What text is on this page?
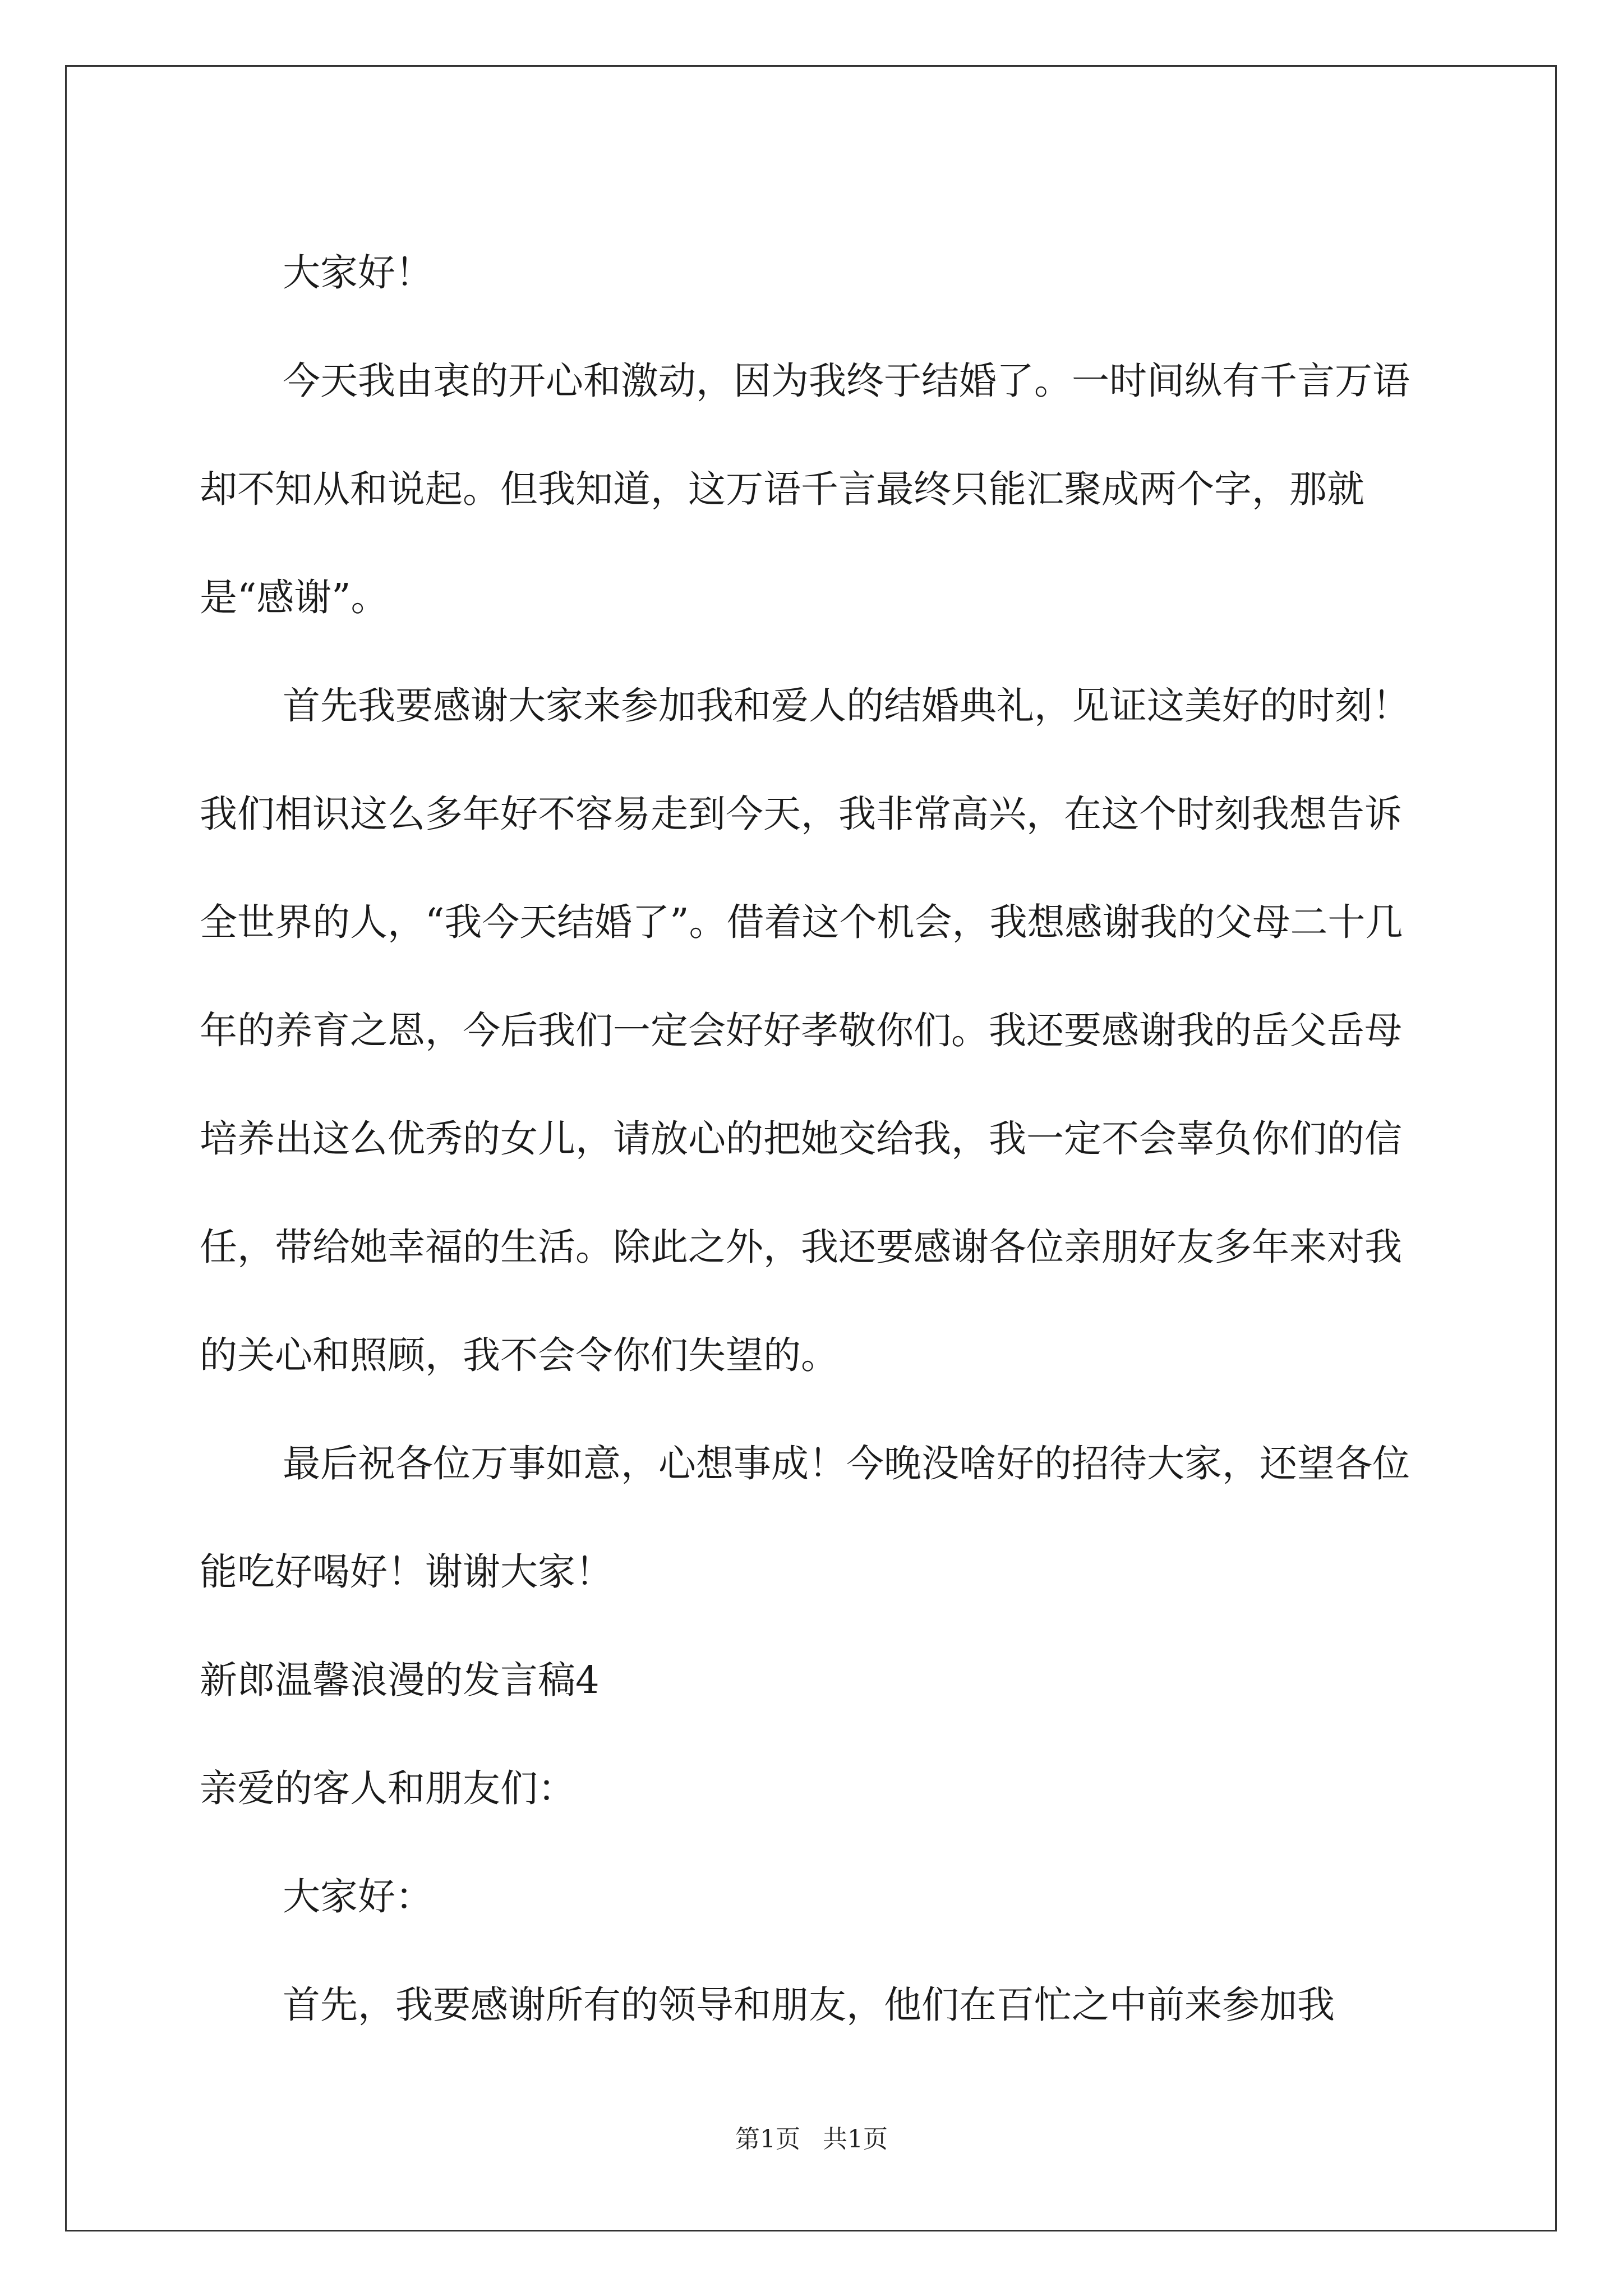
大家好！

今天我由衷的开心和激动，因为我终于结婚了。一时间纵有千言万语却不知从和说起。但我知道，这万语千言最终只能汇聚成两个字，那就是“感谢”。

首先我要感谢大家来参加我和爱人的结婚典礼，见证这美好的时刻！我们相识这么多年好不容易走到今天，我非常高兴，在这个时刻我想告诉全世界的人，“我今天结婚了”。借着这个机会，我想感谢我的父母二十几年的养育之恩，今后我们一定会好好孝敬你们。我还要感谢我的岳父岳母培养出这么优秀的女儿，请放心的把她交给我，我一定不会辜负你们的信任，带给她幸福的生活。除此之外，我还要感谢各位亲朋好友多年来对我的关心和照顾，我不会令你们失望的。

最后祝各位万事如意，心想事成！今晚没啥好的招待大家，还望各位能吃好喝好！谢谢大家！

新郎温馨浪漫的发言稿4

亲爱的客人和朋友们：

大家好：

首先，我要感谢所有的领导和朋友，他们在百忙之中前来参加我

第1页 共1页
